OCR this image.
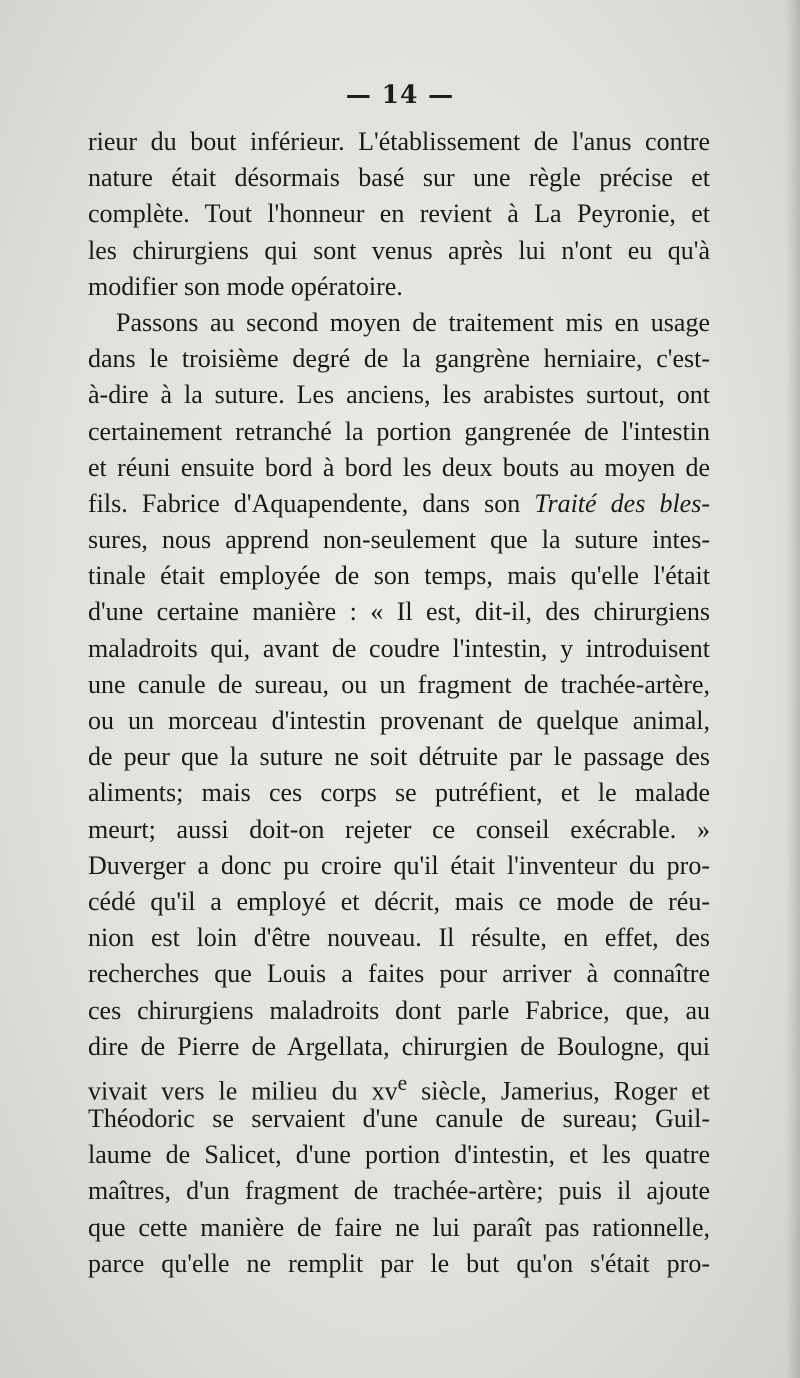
— 14 —
rieur du bout inférieur. L'établissement de l'anus contre
nature était désormais basé sur une règle précise et
complète. Tout l'honneur en revient à La Peyronie, et
les chirurgiens qui sont venus après lui n'ont eu qu'à
modifier son mode opératoire.
Passons au second moyen de traitement mis en usage
dans le troisième degré de la gangrène herniaire, c'est-
à-dire à la suture. Les anciens, les arabistes surtout, ont
certainement retranché la portion gangrenée de l'intestin
et réuni ensuite bord à bord les deux bouts au moyen de
fils. Fabrice d'Aquapendente, dans son Traité des bles-
sures, nous apprend non-seulement que la suture intes-
tinale était employée de son temps, mais qu'elle l'était
d'une certaine manière : « Il est, dit-il, des chirurgiens
maladroits qui, avant de coudre l'intestin, y introduisent
une canule de sureau, ou un fragment de trachée-artère,
ou un morceau d'intestin provenant de quelque animal,
de peur que la suture ne soit détruite par le passage des
aliments; mais ces corps se putréfient, et le malade
meurt; aussi doit-on rejeter ce conseil exécrable. »
Duverger a donc pu croire qu'il était l'inventeur du pro-
cédé qu'il a employé et décrit, mais ce mode de réu-
nion est loin d'être nouveau. Il résulte, en effet, des
recherches que Louis a faites pour arriver à connaître
ces chirurgiens maladroits dont parle Fabrice, que, au
dire de Pierre de Argellata, chirurgien de Boulogne, qui
vivait vers le milieu du $xv^e$ siècle, Jamerius, Roger et
Théodoric se servaient d'une canule de sureau; Guil-
laume de Salicet, d'une portion d'intestin, et les quatre
maîtres, d'un fragment de trachée-artère; puis il ajoute
que cette manière de faire ne lui paraît pas rationnelle,
parce qu'elle ne remplit par le but qu'on s'était pro-
